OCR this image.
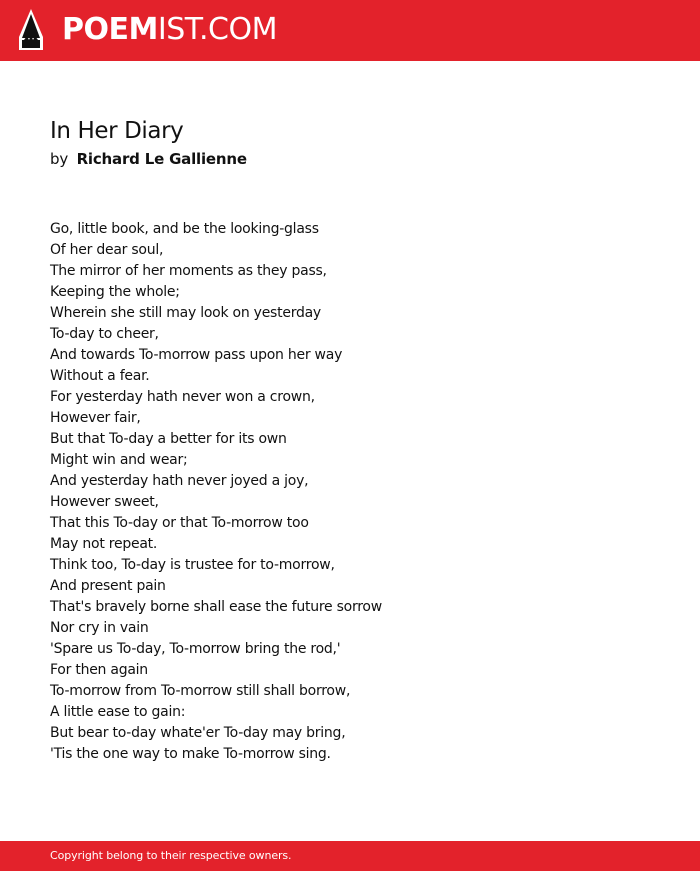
POEMIST.COM
In Her Diary
by Richard Le Gallienne
Go, little book, and be the looking-glass
Of her dear soul,
The mirror of her moments as they pass,
Keeping the whole;
Wherein she still may look on yesterday
To-day to cheer,
And towards To-morrow pass upon her way
Without a fear.
For yesterday hath never won a crown,
However fair,
But that To-day a better for its own
Might win and wear;
And yesterday hath never joyed a joy,
However sweet,
That this To-day or that To-morrow too
May not repeat.
Think too, To-day is trustee for to-morrow,
And present pain
That's bravely borne shall ease the future sorrow
Nor cry in vain
'Spare us To-day, To-morrow bring the rod,'
For then again
To-morrow from To-morrow still shall borrow,
A little ease to gain:
But bear to-day whate'er To-day may bring,
'Tis the one way to make To-morrow sing.
Copyright belong to their respective owners.
